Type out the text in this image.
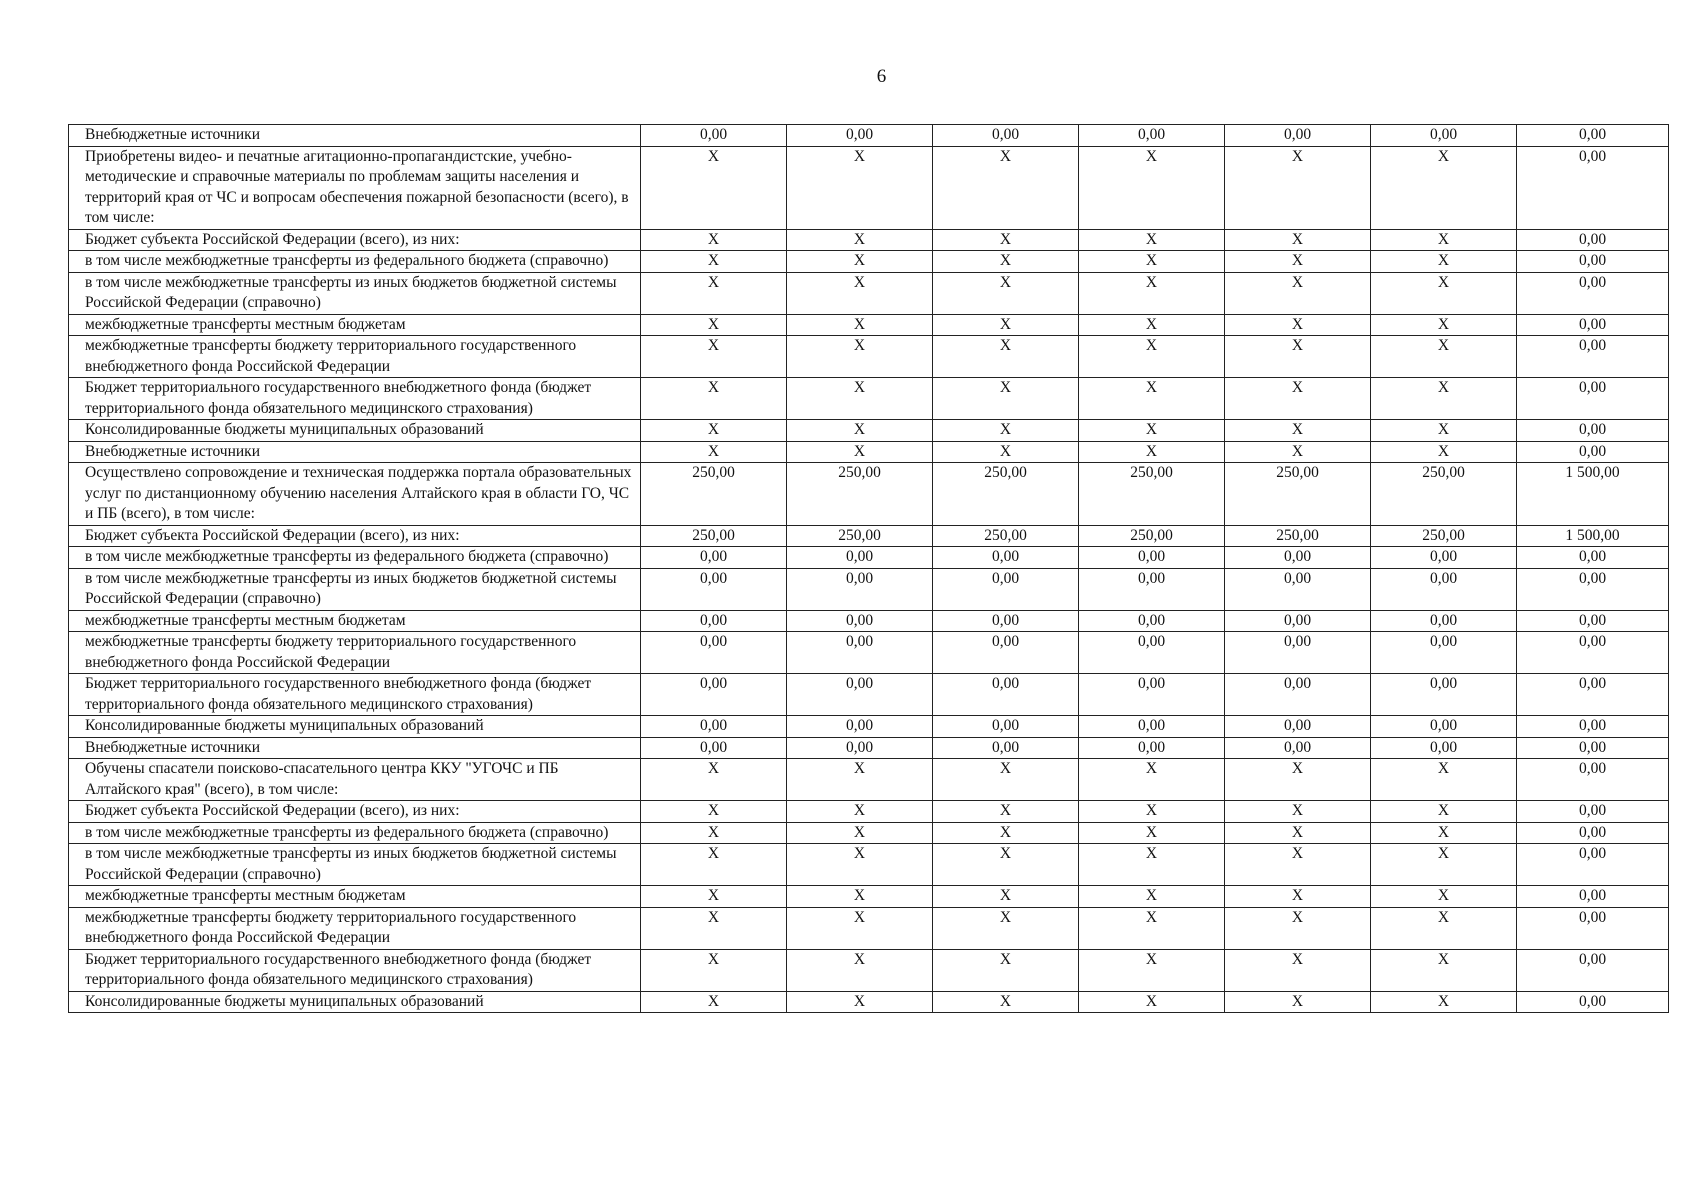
6
Внебюджетные источники	0,00	0,00	0,00	0,00	0,00	0,00	0,00
Приобретены видео- и печатные агитационно-пропагандистские, учебно-методические и справочные материалы по проблемам защиты населения и территорий края от ЧС и вопросам обеспечения пожарной безопасности (всего), в том числе:	X	X	X	X	X	X	0,00
Бюджет субъекта Российской Федерации (всего), из них:	X	X	X	X	X	X	0,00
в том числе межбюджетные трансферты из федерального бюджета (справочно)	X	X	X	X	X	X	0,00
в том числе межбюджетные трансферты из иных бюджетов бюджетной системы Российской Федерации (справочно)	X	X	X	X	X	X	0,00
межбюджетные трансферты местным бюджетам	X	X	X	X	X	X	0,00
межбюджетные трансферты бюджету территориального государственного внебюджетного фонда Российской Федерации	X	X	X	X	X	X	0,00
Бюджет территориального государственного внебюджетного фонда (бюджет территориального фонда обязательного медицинского страхования)	X	X	X	X	X	X	0,00
Консолидированные бюджеты муниципальных образований	X	X	X	X	X	X	0,00
Внебюджетные источники	X	X	X	X	X	X	0,00
Осуществлено сопровождение и техническая поддержка портала образовательных услуг по дистанционному обучению населения Алтайского края в области ГО, ЧС и ПБ (всего), в том числе:	250,00	250,00	250,00	250,00	250,00	250,00	1 500,00
Бюджет субъекта Российской Федерации (всего), из них:	250,00	250,00	250,00	250,00	250,00	250,00	1 500,00
в том числе межбюджетные трансферты из федерального бюджета (справочно)	0,00	0,00	0,00	0,00	0,00	0,00	0,00
в том числе межбюджетные трансферты из иных бюджетов бюджетной системы Российской Федерации (справочно)	0,00	0,00	0,00	0,00	0,00	0,00	0,00
межбюджетные трансферты местным бюджетам	0,00	0,00	0,00	0,00	0,00	0,00	0,00
межбюджетные трансферты бюджету территориального государственного внебюджетного фонда Российской Федерации	0,00	0,00	0,00	0,00	0,00	0,00	0,00
Бюджет территориального государственного внебюджетного фонда (бюджет территориального фонда обязательного медицинского страхования)	0,00	0,00	0,00	0,00	0,00	0,00	0,00
Консолидированные бюджеты муниципальных образований	0,00	0,00	0,00	0,00	0,00	0,00	0,00
Внебюджетные источники	0,00	0,00	0,00	0,00	0,00	0,00	0,00
Обучены спасатели поисково-спасательного центра ККУ "УГОЧС и ПБ Алтайского края" (всего), в том числе:	X	X	X	X	X	X	0,00
Бюджет субъекта Российской Федерации (всего), из них:	X	X	X	X	X	X	0,00
в том числе межбюджетные трансферты из федерального бюджета (справочно)	X	X	X	X	X	X	0,00
в том числе межбюджетные трансферты из иных бюджетов бюджетной системы Российской Федерации (справочно)	X	X	X	X	X	X	0,00
межбюджетные трансферты местным бюджетам	X	X	X	X	X	X	0,00
межбюджетные трансферты бюджету территориального государственного внебюджетного фонда Российской Федерации	X	X	X	X	X	X	0,00
Бюджет территориального государственного внебюджетного фонда (бюджет территориального фонда обязательного медицинского страхования)	X	X	X	X	X	X	0,00
Консолидированные бюджеты муниципальных образований	X	X	X	X	X	X	0,00
